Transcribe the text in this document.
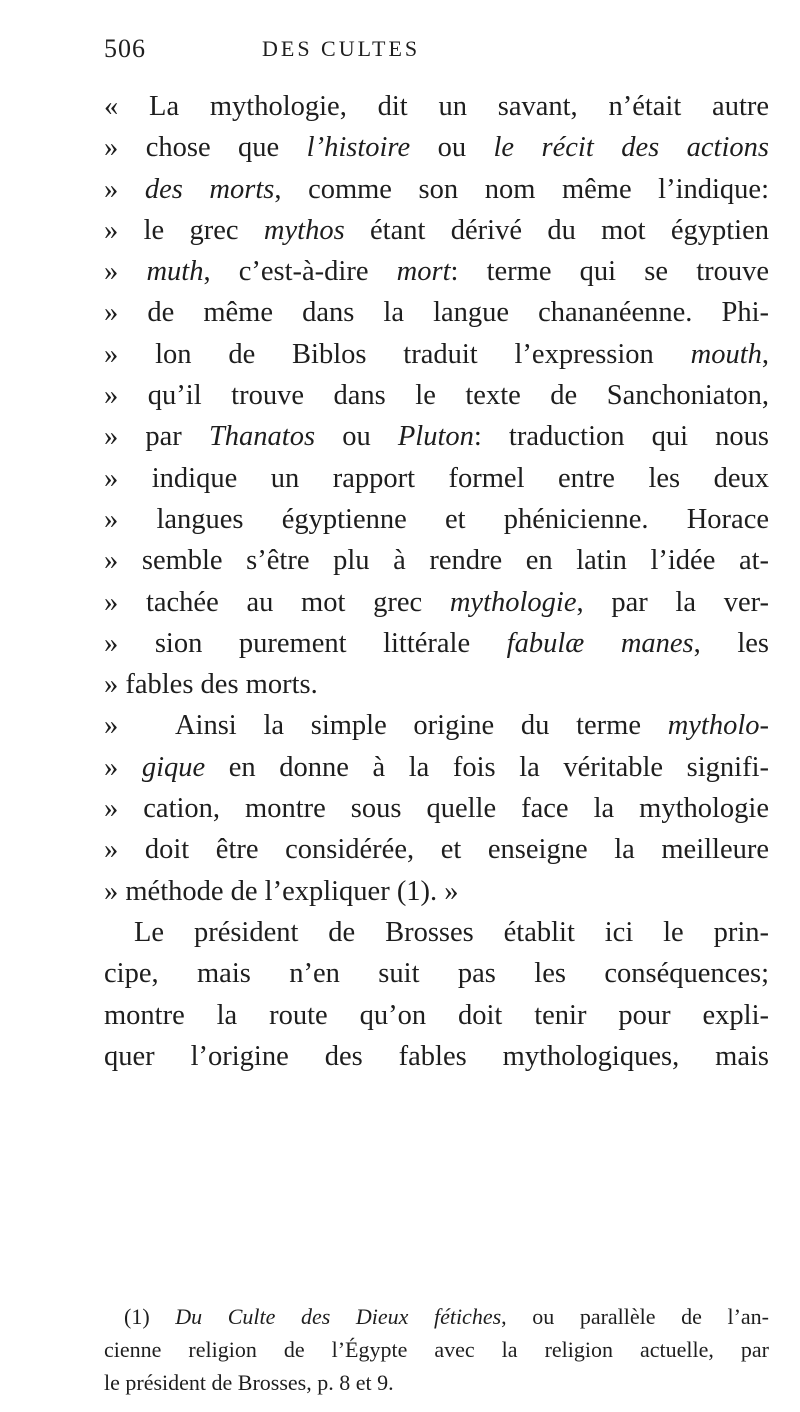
506	DES CULTES
« La mythologie, dit un savant, n’était autre
» chose que l’histoire ou le récit des actions
» des morts, comme son nom même l’indique:
» le grec mythos étant dérivé du mot égyptien
» muth, c’est-à-dire mort: terme qui se trouve
» de même dans la langue chananéenne. Phi-
» lon de Biblos traduit l’expression mouth,
» qu’il trouve dans le texte de Sanchoniaton,
» par Thanatos ou Pluton: traduction qui nous
» indique un rapport formel entre les deux
» langues égyptienne et phénicienne. Horace
» semble s’être plu à rendre en latin l’idée at-
» tachée au mot grec mythologie, par la ver-
» sion purement littérale fabulæ manes, les
» fables des morts.
» Ainsi la simple origine du terme mytholo-
» gique en donne à la fois la véritable signifi-
» cation, montre sous quelle face la mythologie
» doit être considérée, et enseigne la meilleure
» méthode de l’expliquer (1). »
Le président de Brosses établit ici le prin-
cipe, mais n’en suit pas les conséquences;
montre la route qu’on doit tenir pour expli-
quer l’origine des fables mythologiques, mais
(1) Du Culte des Dieux fétiches, ou parallèle de l’an-
cienne religion de l’Égypte avec la religion actuelle, par
le président de Brosses, p. 8 et 9.
